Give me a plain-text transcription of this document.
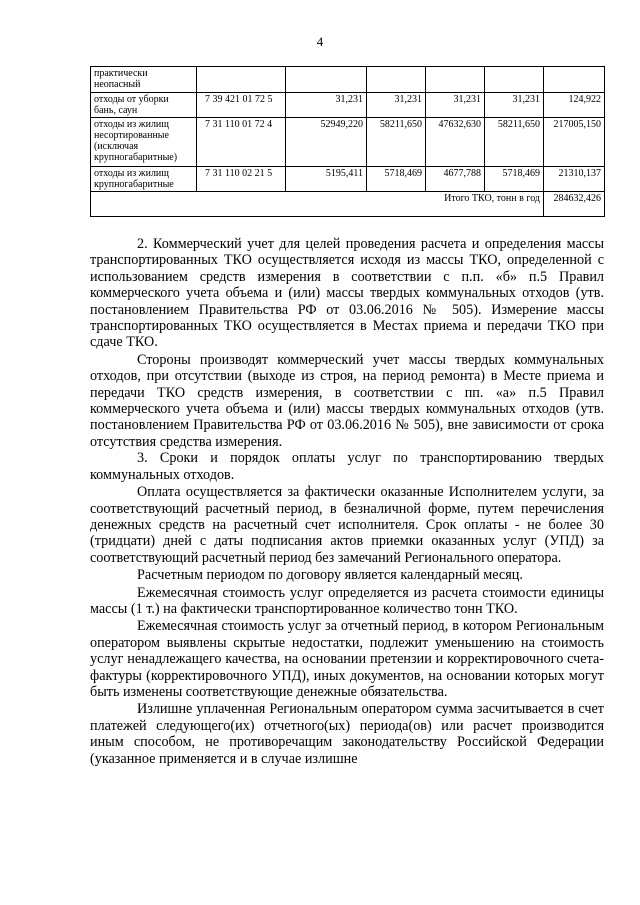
4
практически неопасный						
отходы от уборки бань, саун	7 39 421 01 72 5	31,231	31,231	31,231	31,231	124,922
отходы из жилищ несортированные (исключая крупногабаритные)	7 31 110 01 72 4	52949,220	58211,650	47632,630	58211,650	217005,150
отходы из жилищ крупногабаритные	7 31 110 02 21 5	5195,411	5718,469	4677,788	5718,469	21310,137
Итого ТКО, тонн в год						284632,426

2. Коммерческий учет для целей проведения расчета и определения массы транспортированных ТКО осуществляется исходя из массы ТКО, определенной с использованием средств измерения в соответствии с п.п. «б» п.5 Правил коммерческого учета объема и (или) массы твердых коммунальных отходов (утв. постановлением Правительства РФ от 03.06.2016 № 505). Измерение массы транспортированных ТКО осуществляется в Местах приема и передачи ТКО при сдаче ТКО.

Стороны производят коммерческий учет массы твердых коммунальных отходов, при отсутствии (выходе из строя, на период ремонта) в Месте приема и передачи ТКО средств измерения, в соответствии с пп. «а» п.5 Правил коммерческого учета объема и (или) массы твердых коммунальных отходов (утв. постановлением Правительства РФ от 03.06.2016 № 505), вне зависимости от срока отсутствия средства измерения.

3. Сроки и порядок оплаты услуг по транспортированию твердых коммунальных отходов.

Оплата осуществляется за фактически оказанные Исполнителем услуги, за соответствующий расчетный период, в безналичной форме, путем перечисления денежных средств на расчетный счет исполнителя. Срок оплаты - не более 30 (тридцати) дней с даты подписания актов приемки оказанных услуг (УПД) за соответствующий расчетный период без замечаний Регионального оператора.

Расчетным периодом по договору является календарный месяц.

Ежемесячная стоимость услуг определяется из расчета стоимости единицы массы (1 т.) на фактически транспортированное количество тонн ТКО.

Ежемесячная стоимость услуг за отчетный период, в котором Региональным оператором выявлены скрытые недостатки, подлежит уменьшению на стоимость услуг ненадлежащего качества, на основании претензии и корректировочного счета-фактуры (корректировочного УПД), иных документов, на основании которых могут быть изменены соответствующие денежные обязательства.

Излишне уплаченная Региональным оператором сумма засчитывается в счет платежей следующего(их) отчетного(ых) периода(ов) или расчет производится иным способом, не противоречащим законодательству Российской Федерации (указанное применяется и в случае излишне
